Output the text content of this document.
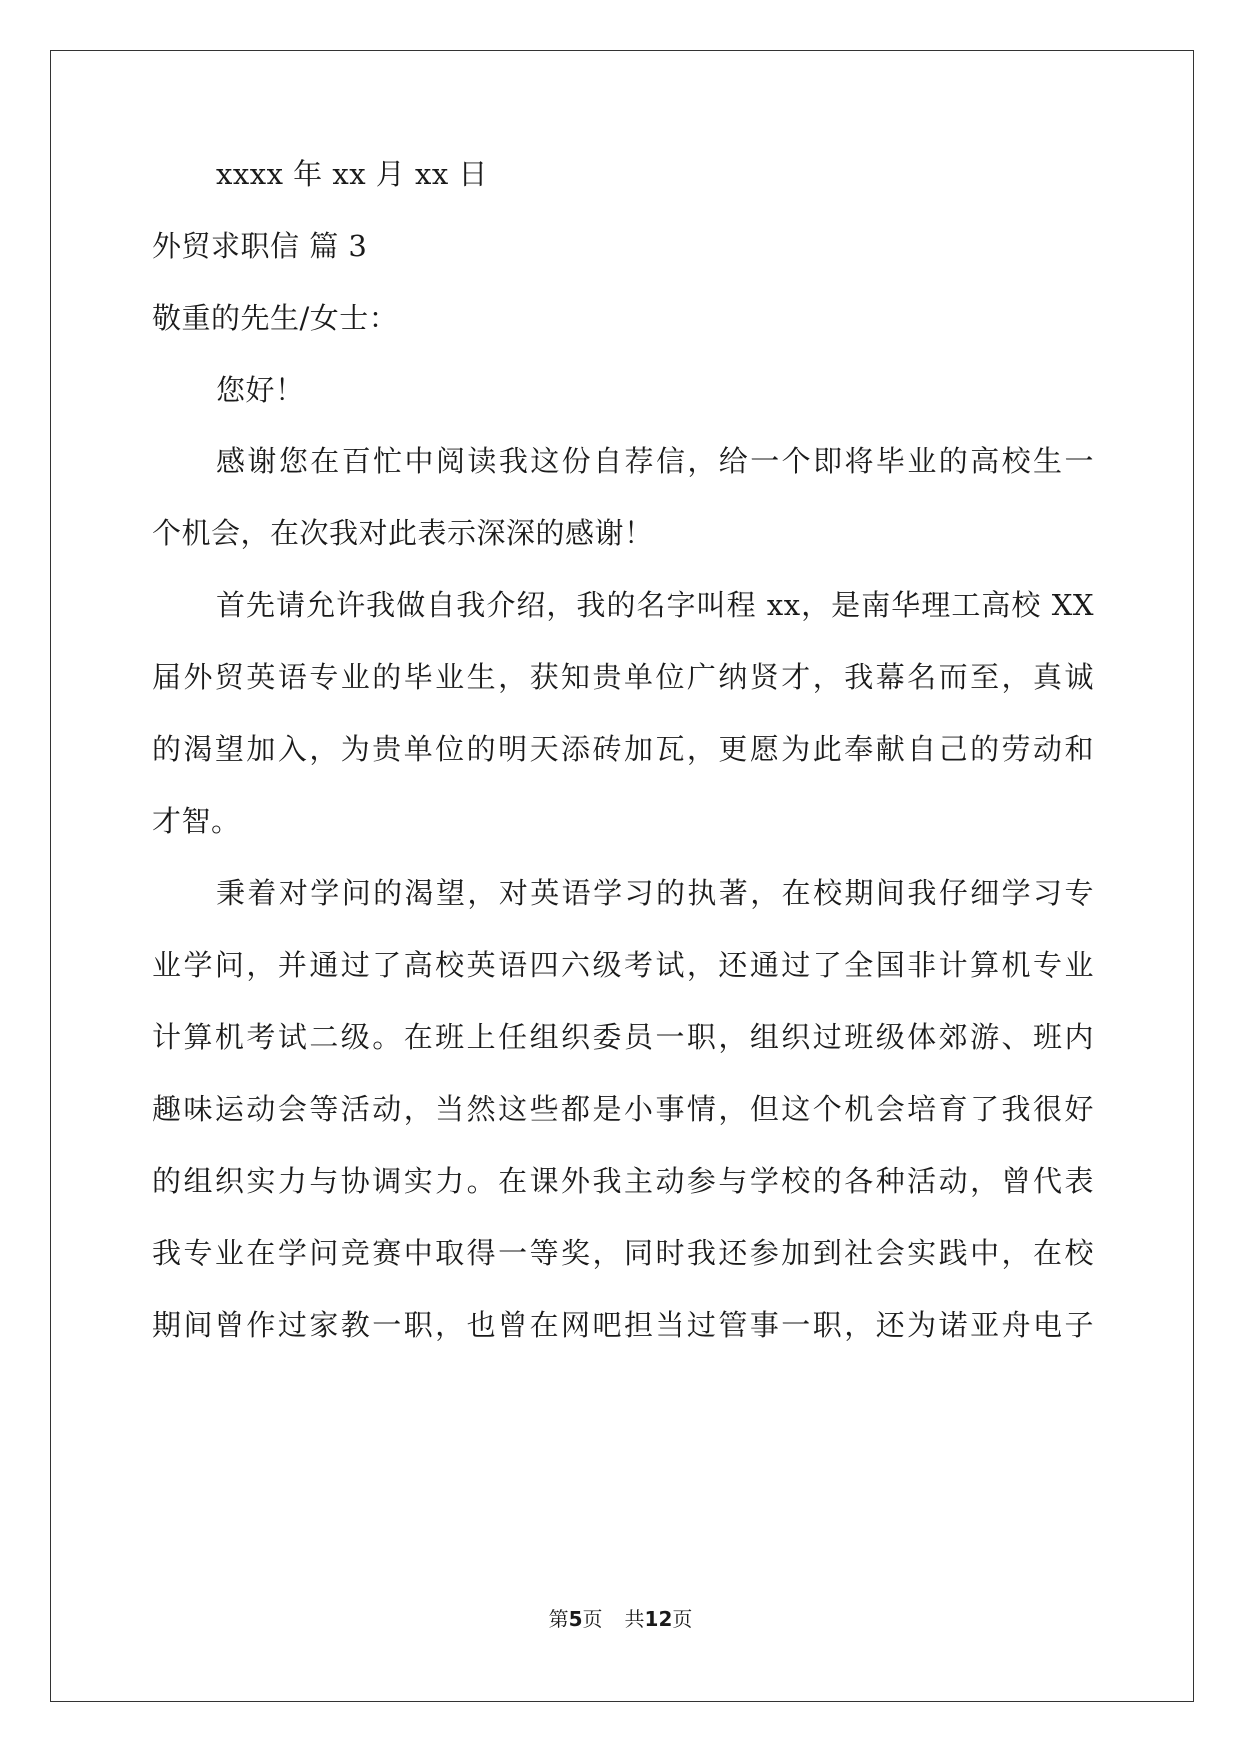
xxxx 年 xx 月 xx 日
外贸求职信 篇 3
敬重的先生/女士：
您好！
感谢您在百忙中阅读我这份自荐信，给一个即将毕业的高校生一
个机会，在次我对此表示深深的感谢！
首先请允许我做自我介绍，我的名字叫程 xx，是南华理工高校 XX
届外贸英语专业的毕业生，获知贵单位广纳贤才，我幕名而至，真诚
的渴望加入，为贵单位的明天添砖加瓦，更愿为此奉献自己的劳动和
才智。
秉着对学问的渴望，对英语学习的执著，在校期间我仔细学习专
业学问，并通过了高校英语四六级考试，还通过了全国非计算机专业
计算机考试二级。在班上任组织委员一职，组织过班级体郊游、班内
趣味运动会等活动，当然这些都是小事情，但这个机会培育了我很好
的组织实力与协调实力。在课外我主动参与学校的各种活动，曾代表
我专业在学问竞赛中取得一等奖，同时我还参加到社会实践中，在校
期间曾作过家教一职，也曾在网吧担当过管事一职，还为诺亚舟电子
第5页 共12页
